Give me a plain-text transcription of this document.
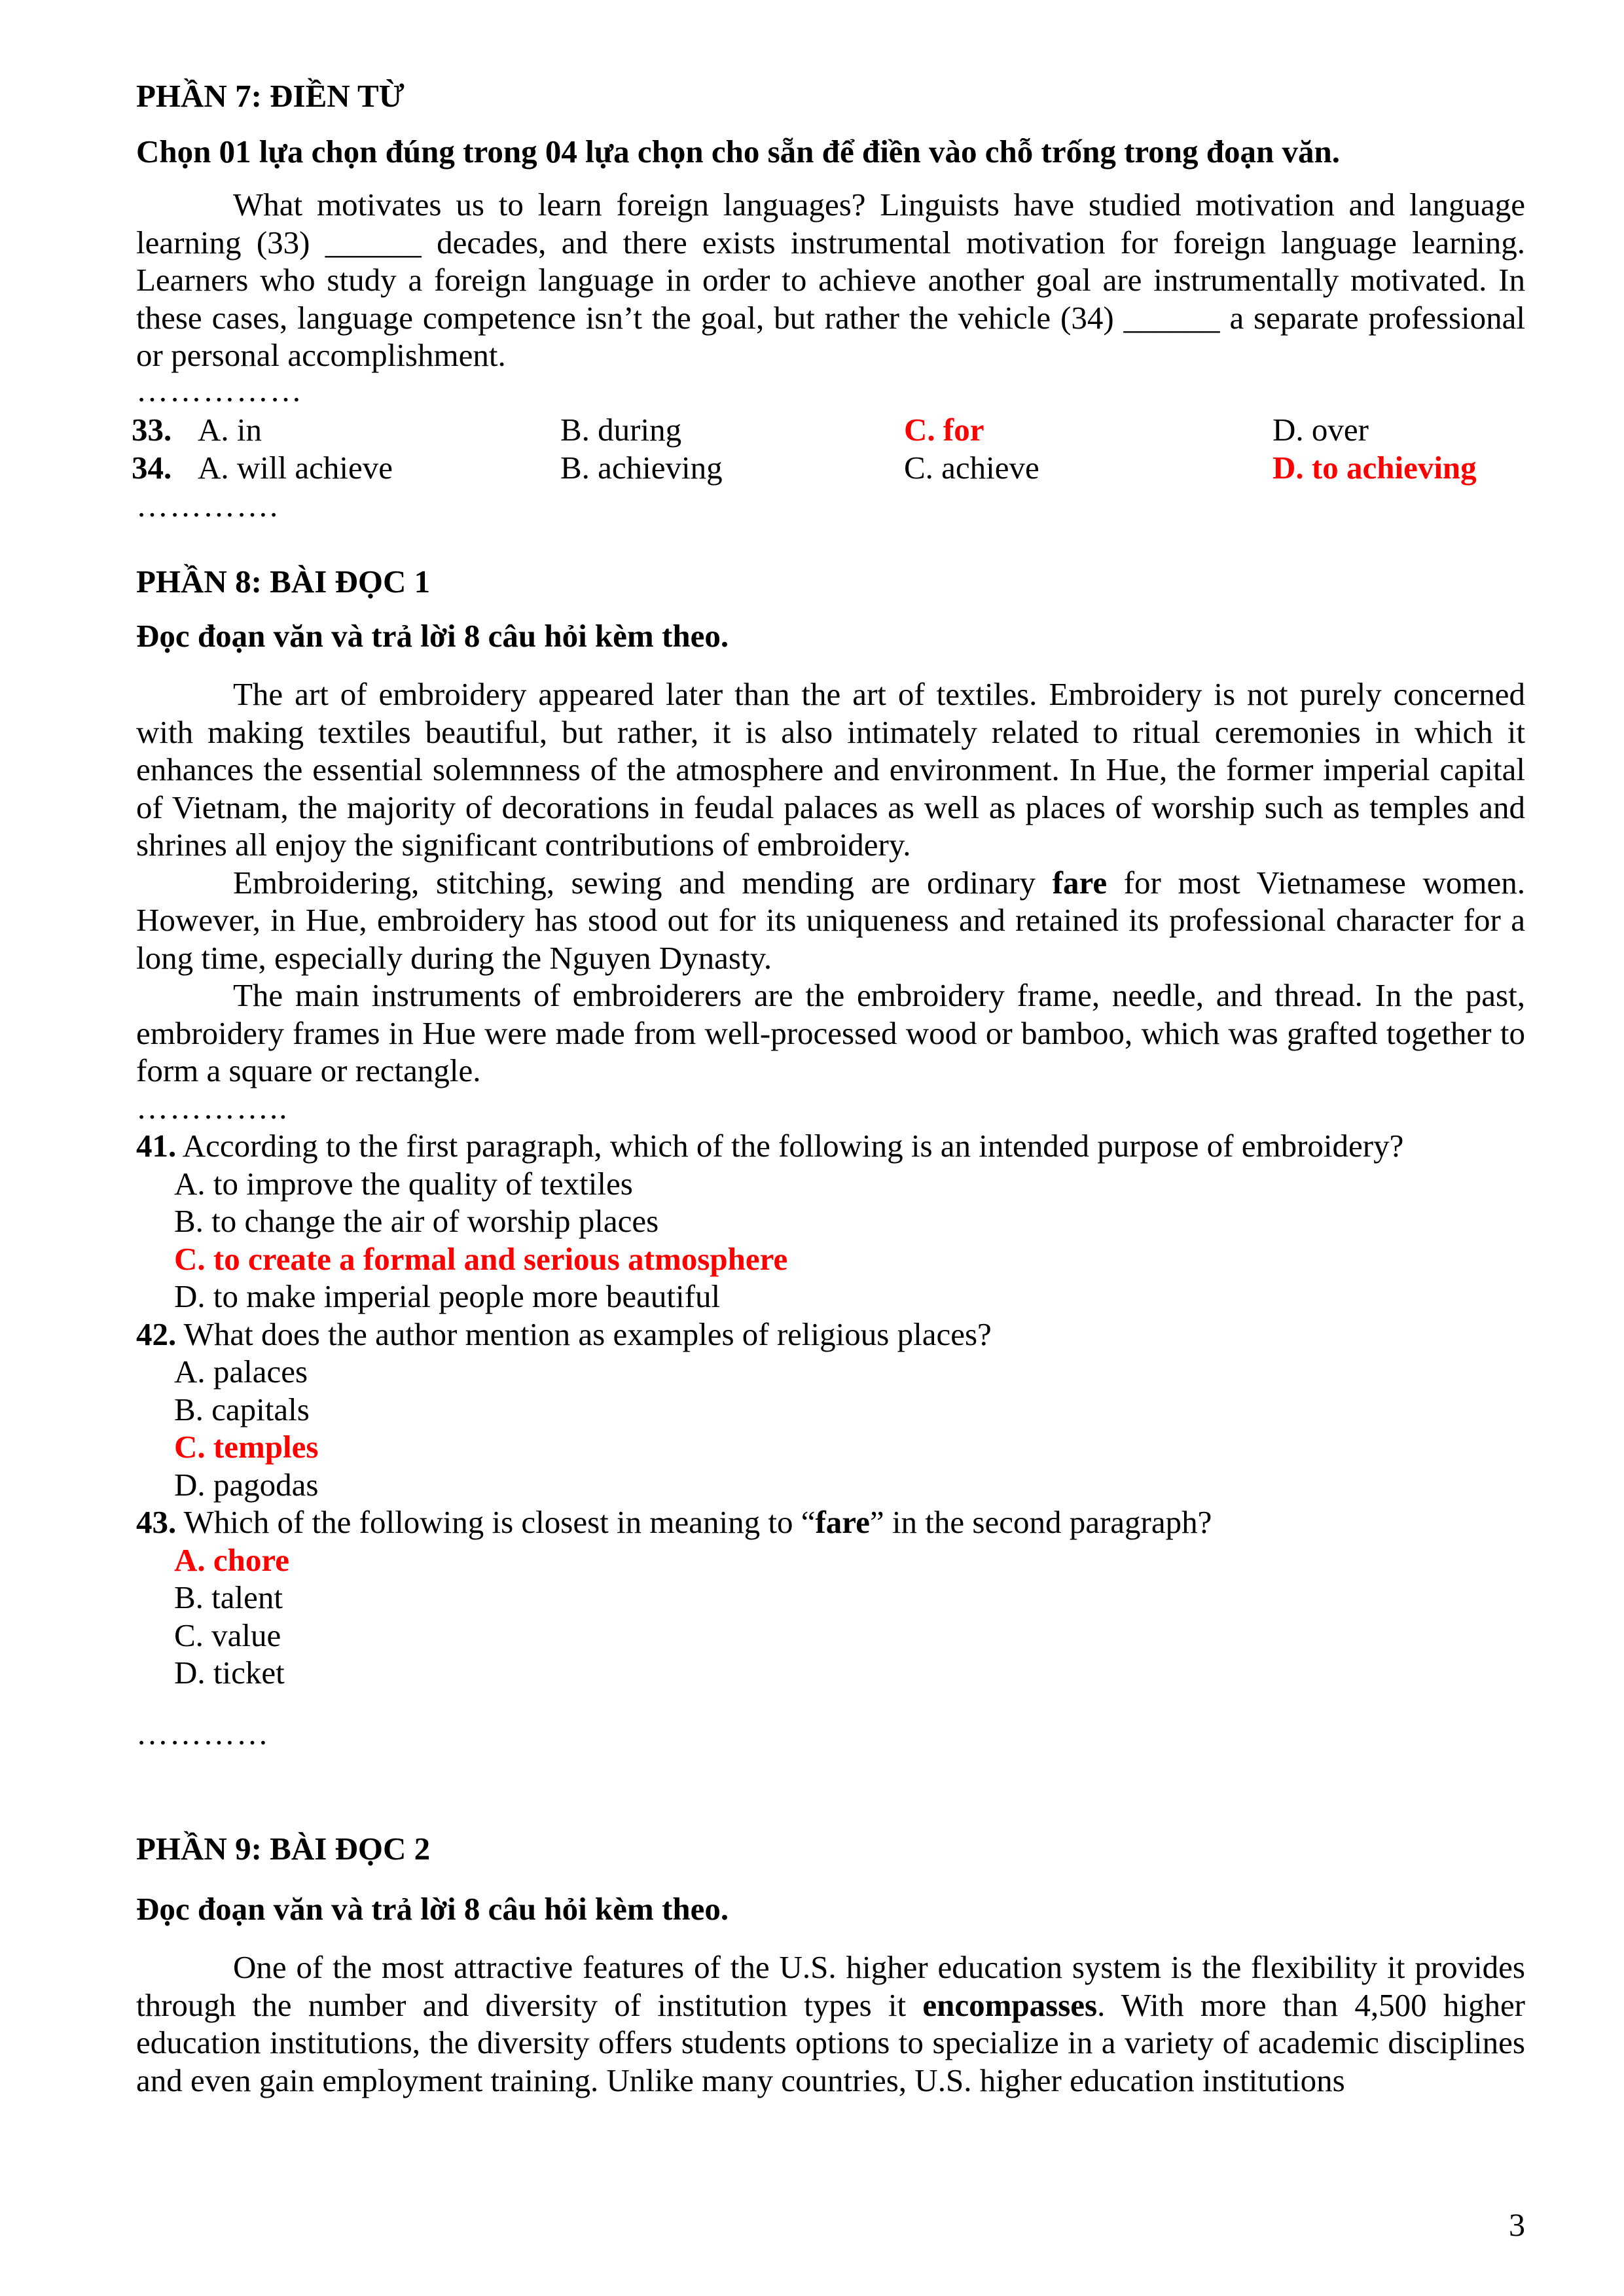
PHẦN 7: ĐIỀN TỪ
Chọn 01 lựa chọn đúng trong 04 lựa chọn cho sẵn để điền vào chỗ trống trong đoạn văn.
What motivates us to learn foreign languages? Linguists have studied motivation and language learning (33) ______ decades, and there exists instrumental motivation for foreign language learning. Learners who study a foreign language in order to achieve another goal are instrumentally motivated. In these cases, language competence isn’t the goal, but rather the vehicle (34) ______ a separate professional or personal accomplishment.
……………
33. A. in	B. during	C. for	D. over
34. A. will achieve	B. achieving	C. achieve	D. to achieving
………….
PHẦN 8: BÀI ĐỌC 1
Đọc đoạn văn và trả lời 8 câu hỏi kèm theo.
The art of embroidery appeared later than the art of textiles. Embroidery is not purely concerned with making textiles beautiful, but rather, it is also intimately related to ritual ceremonies in which it enhances the essential solemnness of the atmosphere and environment. In Hue, the former imperial capital of Vietnam, the majority of decorations in feudal palaces as well as places of worship such as temples and shrines all enjoy the significant contributions of embroidery.
Embroidering, stitching, sewing and mending are ordinary fare for most Vietnamese women. However, in Hue, embroidery has stood out for its uniqueness and retained its professional character for a long time, especially during the Nguyen Dynasty.
The main instruments of embroiderers are the embroidery frame, needle, and thread. In the past, embroidery frames in Hue were made from well-processed wood or bamboo, which was grafted together to form a square or rectangle.
…………..
41. According to the first paragraph, which of the following is an intended purpose of embroidery?
A. to improve the quality of textiles
B. to change the air of worship places
C. to create a formal and serious atmosphere
D. to make imperial people more beautiful
42. What does the author mention as examples of religious places?
A. palaces
B. capitals
C. temples
D. pagodas
43. Which of the following is closest in meaning to “fare” in the second paragraph?
A. chore
B. talent
C. value
D. ticket
…………
PHẦN 9: BÀI ĐỌC 2
Đọc đoạn văn và trả lời 8 câu hỏi kèm theo.
One of the most attractive features of the U.S. higher education system is the flexibility it provides through the number and diversity of institution types it encompasses. With more than 4,500 higher education institutions, the diversity offers students options to specialize in a variety of academic disciplines and even gain employment training. Unlike many countries, U.S. higher education institutions
3
